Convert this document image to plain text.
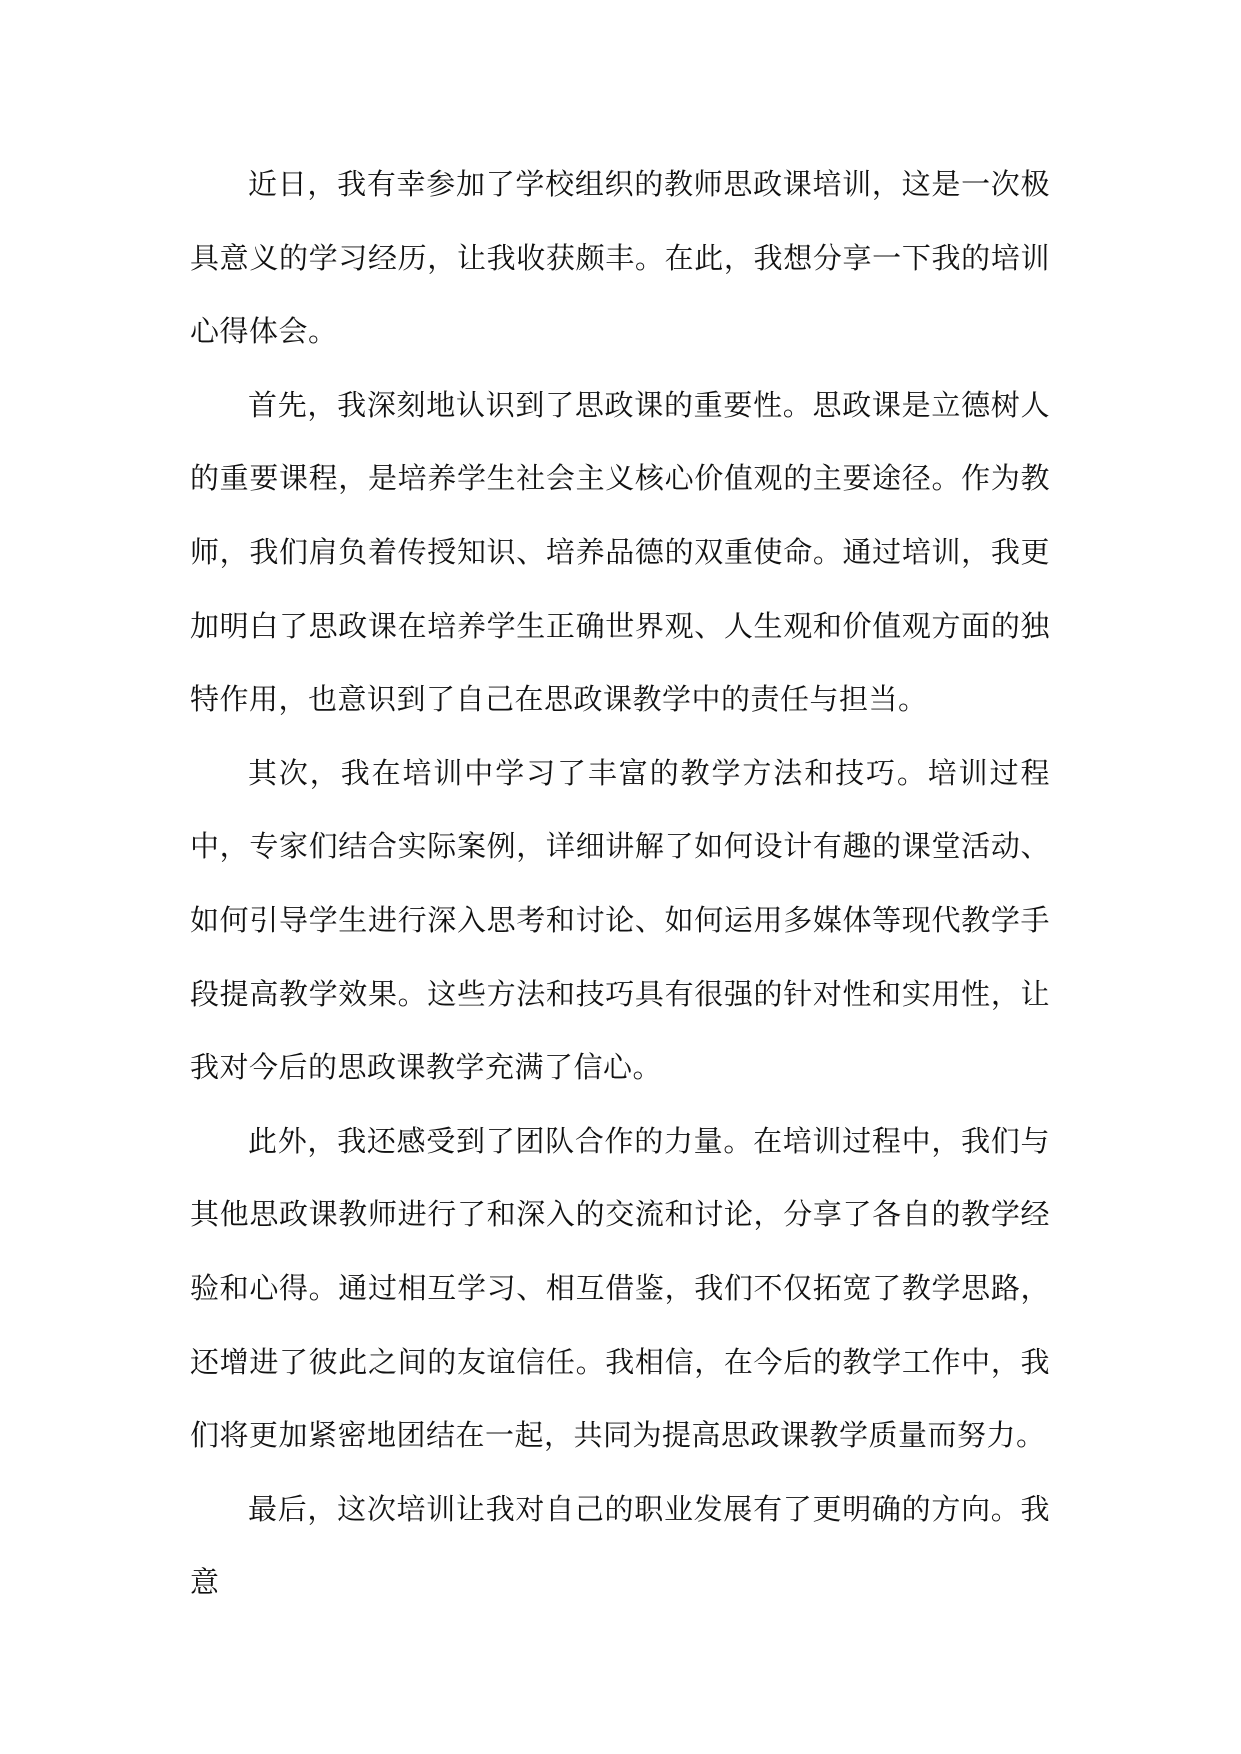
近日，我有幸参加了学校组织的教师思政课培训，这是一次极具意义的学习经历，让我收获颇丰。在此，我想分享一下我的培训心得体会。

首先，我深刻地认识到了思政课的重要性。思政课是立德树人的重要课程，是培养学生社会主义核心价值观的主要途径。作为教师，我们肩负着传授知识、培养品德的双重使命。通过培训，我更加明白了思政课在培养学生正确世界观、人生观和价值观方面的独特作用，也意识到了自己在思政课教学中的责任与担当。

其次，我在培训中学习了丰富的教学方法和技巧。培训过程中，专家们结合实际案例，详细讲解了如何设计有趣的课堂活动、如何引导学生进行深入思考和讨论、如何运用多媒体等现代教学手段提高教学效果。这些方法和技巧具有很强的针对性和实用性，让我对今后的思政课教学充满了信心。

此外，我还感受到了团队合作的力量。在培训过程中，我们与其他思政课教师进行了和深入的交流和讨论，分享了各自的教学经验和心得。通过相互学习、相互借鉴，我们不仅拓宽了教学思路，还增进了彼此之间的友谊信任。我相信，在今后的教学工作中，我们将更加紧密地团结在一起，共同为提高思政课教学质量而努力。

最后，这次培训让我对自己的职业发展有了更明确的方向。我意
